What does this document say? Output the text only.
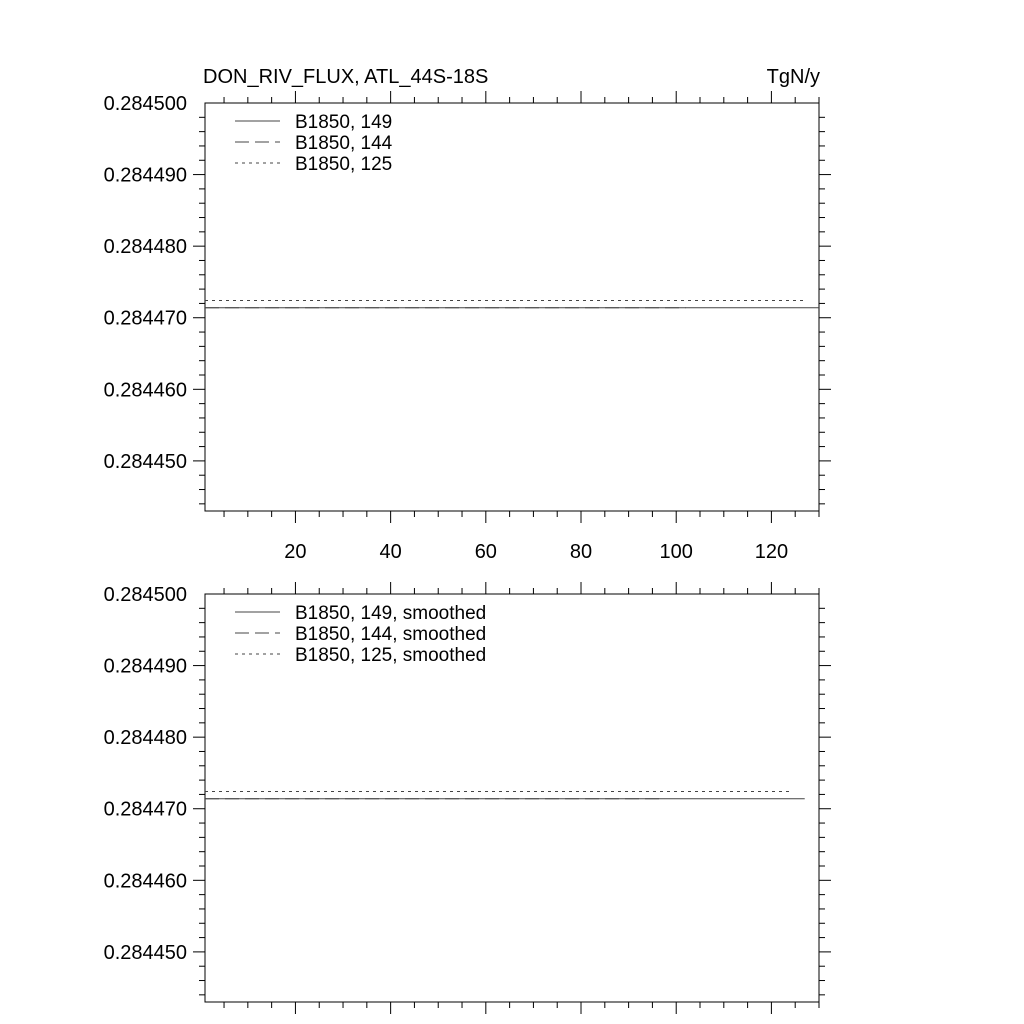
DON_RIV_FLUX, ATL_44S-18S	TgN/y
0.284450
0.284460
0.284470
0.284480
0.284490
0.284500
20	40	60	80	100	120
B1850, 149
B1850, 144
B1850, 125
0.284450
0.284460
0.284470
0.284480
0.284490
0.284500
B1850, 149, smoothed
B1850, 144, smoothed
B1850, 125, smoothed
